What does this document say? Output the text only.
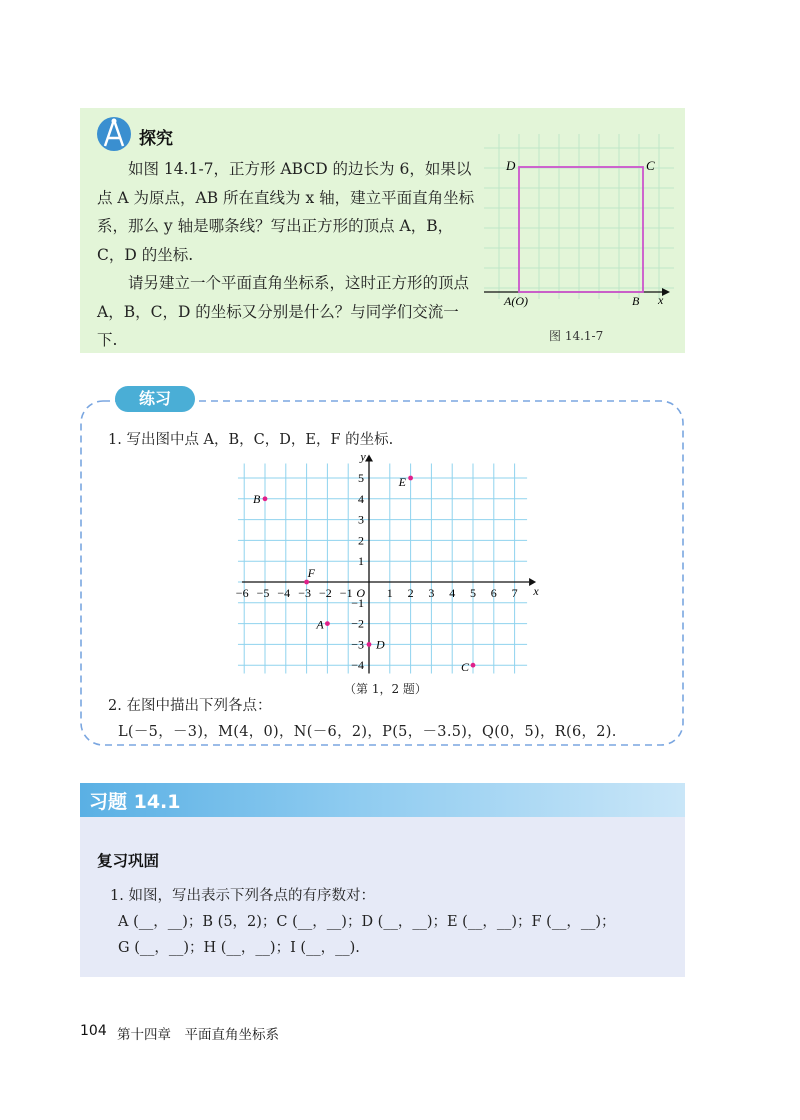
探究

如图 14.1-7，正方形 ABCD 的边长为 6，如果以点 A 为原点，AB 所在直线为 x 轴，建立平面直角坐标系，那么 y 轴是哪条线？写出正方形的顶点 A，B，C，D 的坐标.

请另建立一个平面直角坐标系，这时正方形的顶点 A，B，C，D 的坐标又分别是什么？与同学们交流一下.

D	C
A(O)	B x
图 14.1-7
练习
1. 写出图中点 A，B，C，D，E，F 的坐标.
−6 −5 −4 −3 −2 −1	1 2 3 4 5 6 7
5
4
3
2
1
−1
−2
−3
−4
O	x
y
A
B
C
D
E
F
（第 1，2 题）
2. 在图中描出下列各点：
L(－5，－3)，M(4，0)，N(－6，2)，P(5，－3.5)，Q(0，5)，R(6，2).
习题 14.1
复习巩固
1. 如图，写出表示下列各点的有序数对：
A (__，__)；B (5，2)；C (__，__)；D (__，__)；E (__，__)；F (__，__)；
G (__，__)；H (__，__)；I (__，__).
104 第十四章　平面直角坐标系
